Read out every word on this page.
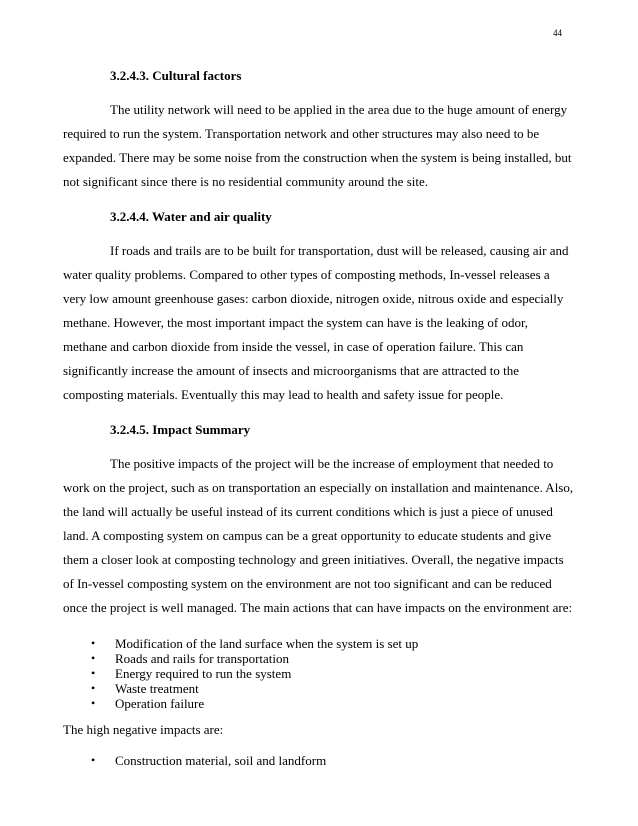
44

3.2.4.3. Cultural factors

The utility network will need to be applied in the area due to the huge amount of energy required to run the system. Transportation network and other structures may also need to be expanded. There may be some noise from the construction when the system is being installed, but not significant since there is no residential community around the site.

3.2.4.4. Water and air quality

If roads and trails are to be built for transportation, dust will be released, causing air and water quality problems. Compared to other types of composting methods, In-vessel releases a very low amount greenhouse gases: carbon dioxide, nitrogen oxide, nitrous oxide and especially methane. However, the most important impact the system can have is the leaking of odor, methane and carbon dioxide from inside the vessel, in case of operation failure. This can significantly increase the amount of insects and microorganisms that are attracted to the composting materials. Eventually this may lead to health and safety issue for people.

3.2.4.5. Impact Summary

The positive impacts of the project will be the increase of employment that needed to work on the project, such as on transportation an especially on installation and maintenance. Also, the land will actually be useful instead of its current conditions which is just a piece of unused land. A composting system on campus can be a great opportunity to educate students and give them a closer look at composting technology and green initiatives. Overall, the negative impacts of In-vessel composting system on the environment are not too significant and can be reduced once the project is well managed. The main actions that can have impacts on the environment are:

• Modification of the land surface when the system is set up
• Roads and rails for transportation
• Energy required to run the system
• Waste treatment
• Operation failure

The high negative impacts are:

• Construction material, soil and landform
